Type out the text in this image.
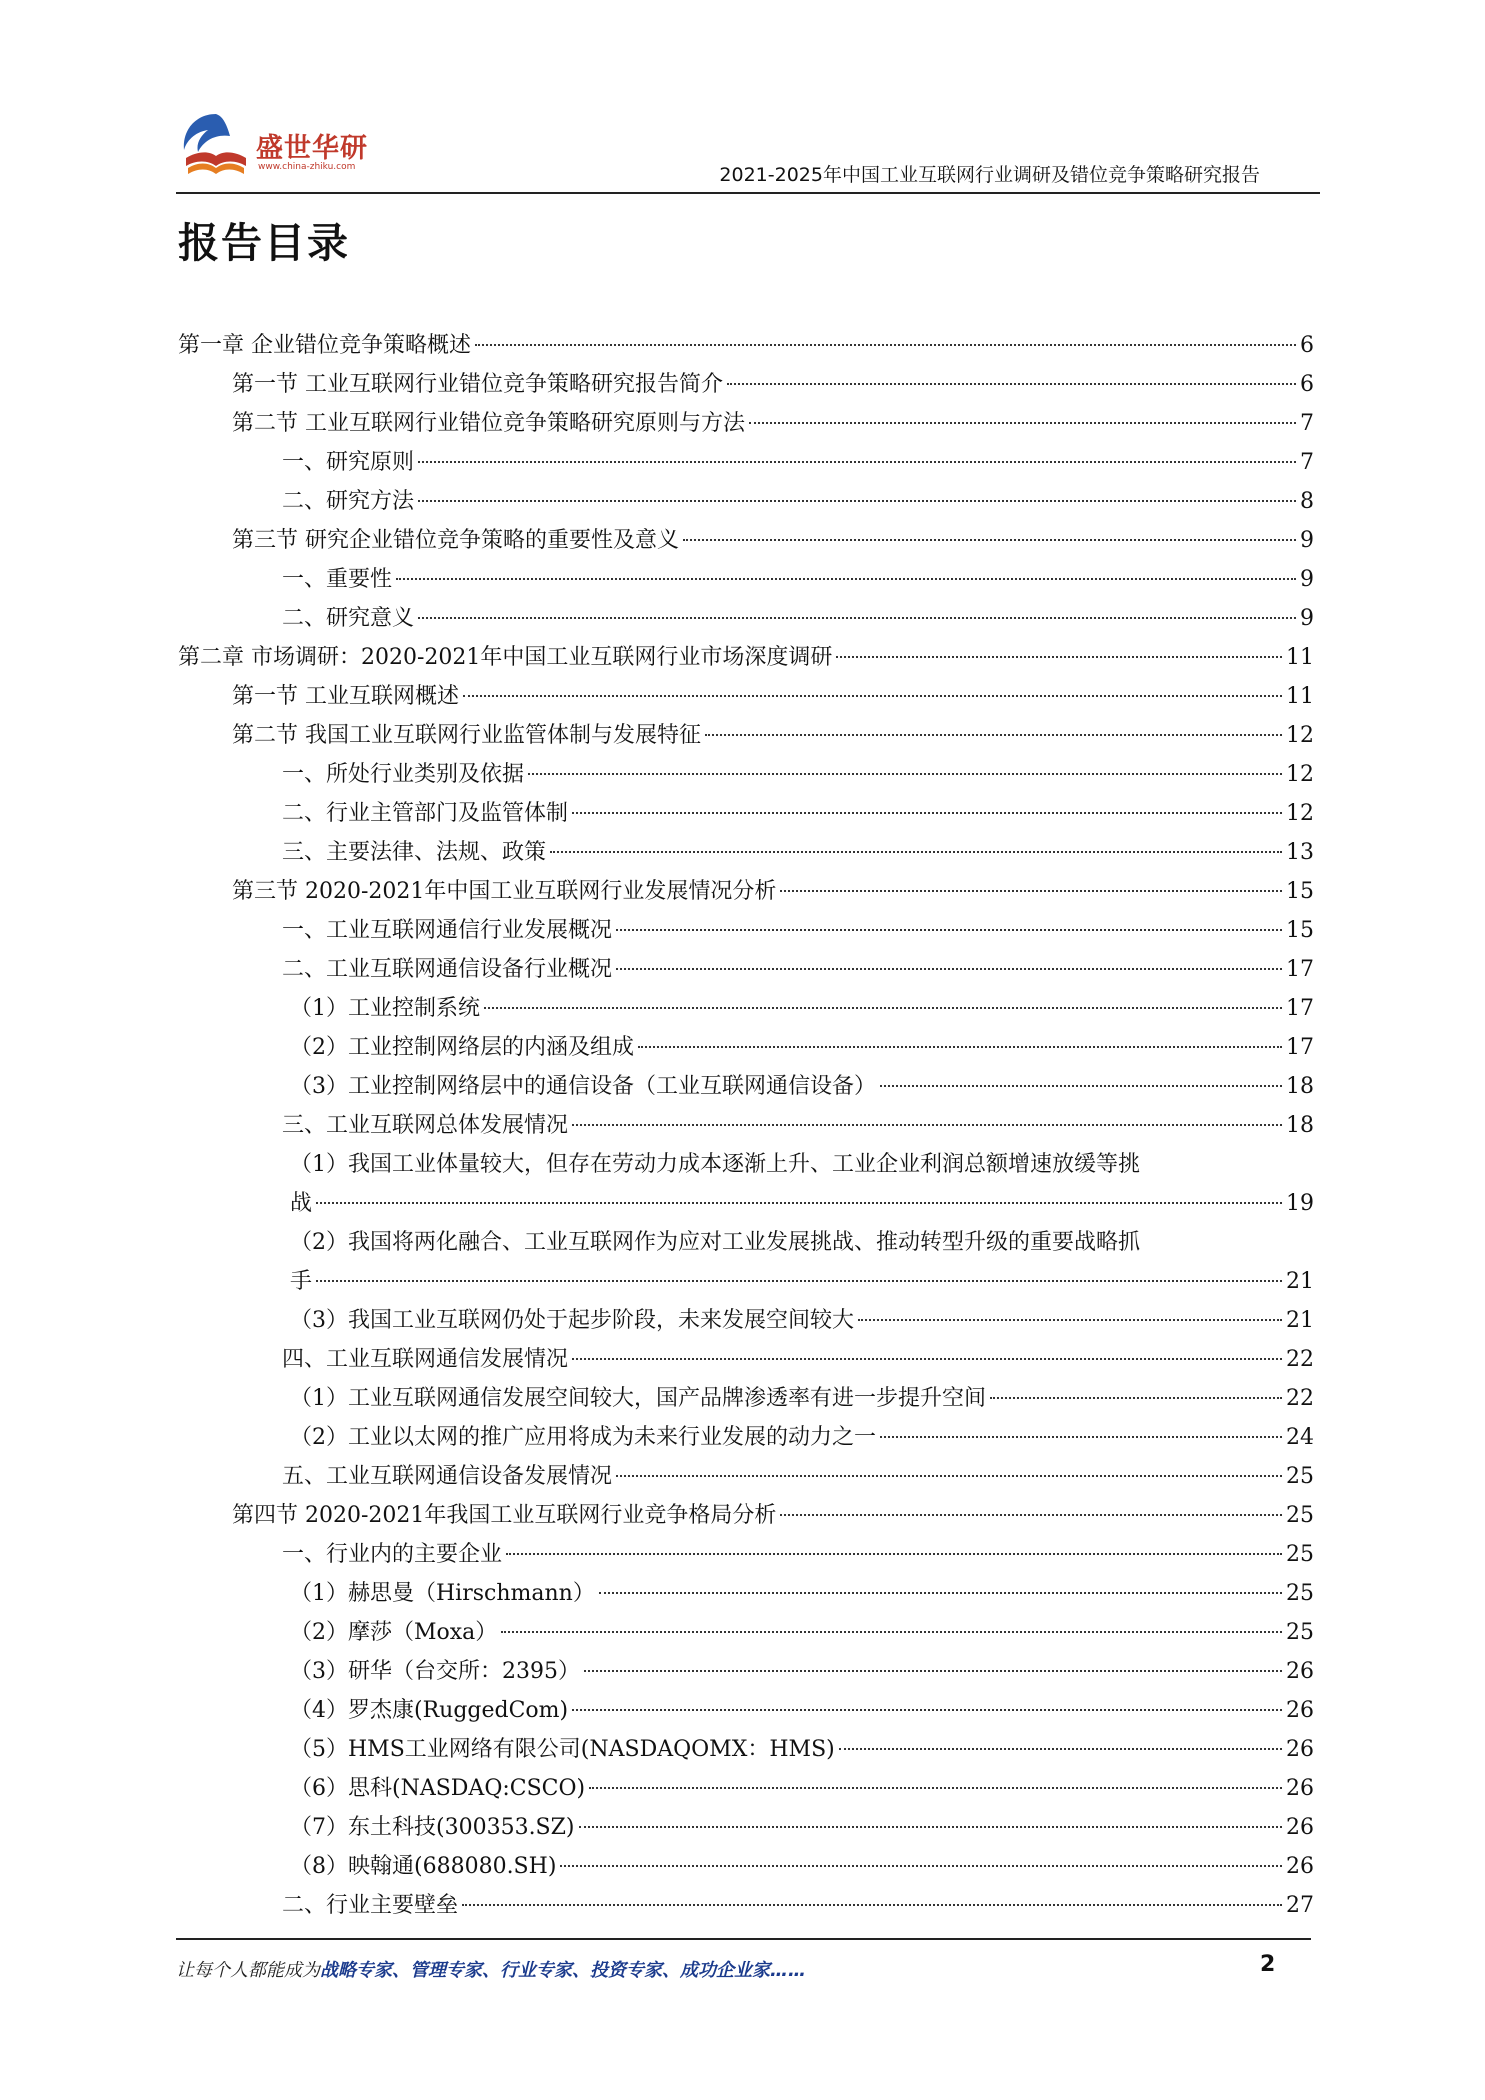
盛世华研
www.china-zhiku.com	2021-2025年中国工业互联网行业调研及错位竞争策略研究报告
报告目录
第一章 企业错位竞争策略概述	6
第一节 工业互联网行业错位竞争策略研究报告简介	6
第二节 工业互联网行业错位竞争策略研究原则与方法	7
一、研究原则	7
二、研究方法	8
第三节 研究企业错位竞争策略的重要性及意义	9
一、重要性	9
二、研究意义	9
第二章 市场调研：2020-2021年中国工业互联网行业市场深度调研	11
第一节 工业互联网概述	11
第二节 我国工业互联网行业监管体制与发展特征	12
一、所处行业类别及依据	12
二、行业主管部门及监管体制	12
三、主要法律、法规、政策	13
第三节 2020-2021年中国工业互联网行业发展情况分析	15
一、工业互联网通信行业发展概况	15
二、工业互联网通信设备行业概况	17
（1）工业控制系统	17
（2）工业控制网络层的内涵及组成	17
（3）工业控制网络层中的通信设备（工业互联网通信设备）	18
三、工业互联网总体发展情况	18
（1）我国工业体量较大，但存在劳动力成本逐渐上升、工业企业利润总额增速放缓等挑
战	19
（2）我国将两化融合、工业互联网作为应对工业发展挑战、推动转型升级的重要战略抓
手	21
（3）我国工业互联网仍处于起步阶段，未来发展空间较大	21
四、工业互联网通信发展情况	22
（1）工业互联网通信发展空间较大，国产品牌渗透率有进一步提升空间	22
（2）工业以太网的推广应用将成为未来行业发展的动力之一	24
五、工业互联网通信设备发展情况	25
第四节 2020-2021年我国工业互联网行业竞争格局分析	25
一、行业内的主要企业	25
（1）赫思曼（Hirschmann）	25
（2）摩莎（Moxa）	25
（3）研华（台交所：2395）	26
（4）罗杰康(RuggedCom)	26
（5）HMS工业网络有限公司(NASDAQOMX：HMS)	26
（6）思科(NASDAQ:CSCO)	26
（7）东土科技(300353.SZ)	26
（8）映翰通(688080.SH)	26
二、行业主要壁垒	27
让每个人都能成为战略专家、管理专家、行业专家、投资专家、成功企业家……	2
